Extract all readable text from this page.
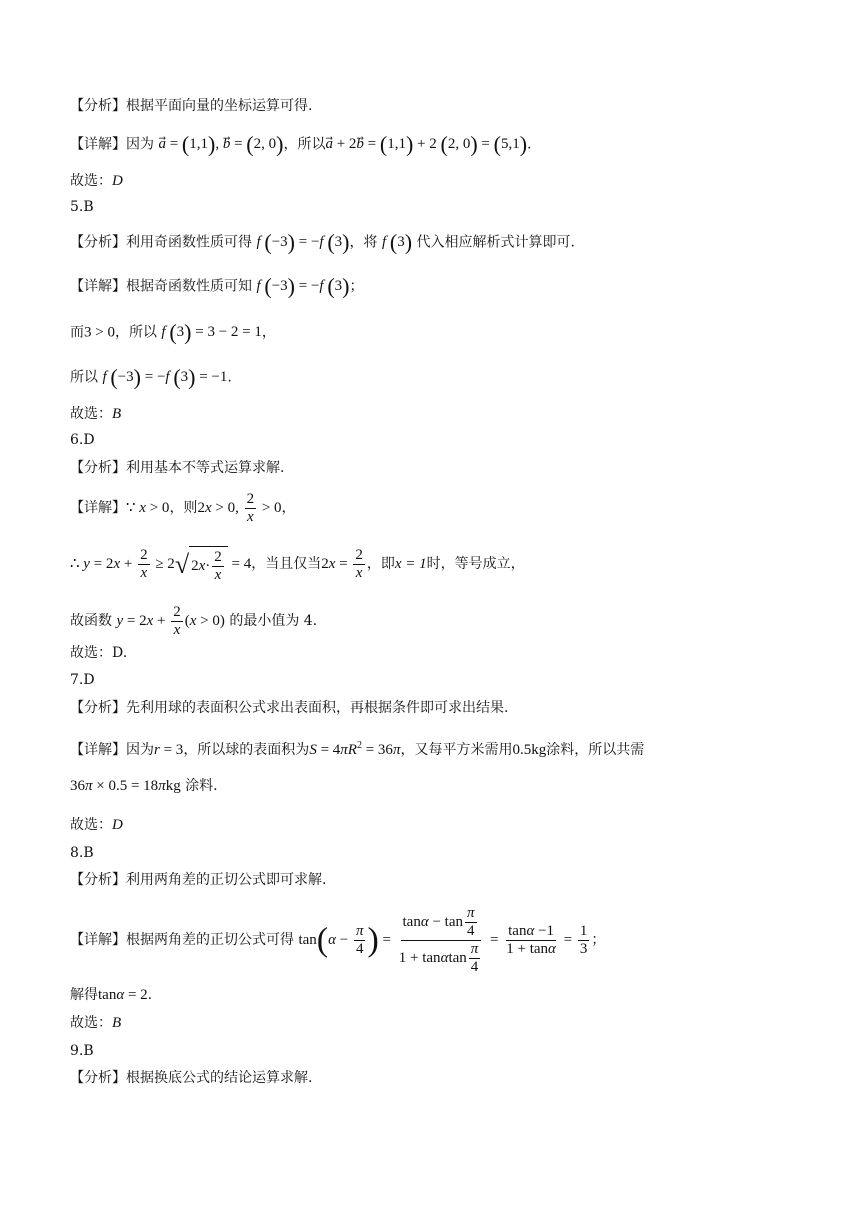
【分析】根据平面向量的坐标运算可得.
【详解】因为 a⃗ = (1,1), b⃗ = (2, 0)，所以a⃗ + 2b⃗ = (1,1) + 2 (2, 0) = (5,1).
故选：D
5.B
【分析】利用奇函数性质可得 f (−3) = −f (3)，将 f (3) 代入相应解析式计算即可.
【详解】根据奇函数性质可知 f (−3) = −f (3)；
而3 > 0，所以 f (3) = 3 − 2 = 1，
所以 f (−3) = −f (3) = −1.
故选：B
6.D
【分析】利用基本不等式运算求解.
【详解】∵ x > 0，则2x > 0, $\frac{2}{x} > 0$，
∴ $y = 2x + \frac{2}{x} \ge 2$ √ 2 $x \cdot \frac{2}{x} = 4$，当且仅当$2x = \frac{2}{x}$ ，即x = 1时，等号成立，
故函数 $y = 2x + \frac{2}{x} (x > 0)$ 的最小值为 4.
故选：D.
7.D
【分析】先利用球的表面积公式求出表面积，再根据条件即可求出结果.
【详解】因为r = 3，所以球的表面积为$S = 4\pi R^2 = 36\pi$，又每平方米需用0.5kg涂料，所以共需
36π × 0.5 = 18πkg 涂料.
故选：D
8.B
【分析】利用两角差的正切公式即可求解.
【详解】根据两角差的正切公式可得 $\tan(\alpha - \frac{\pi}{4}$ ) = $\frac{\tan\alpha - \tan \frac{\pi}{4}}{1 + \tan\alpha\tan \frac{\pi}{4}} = \frac{\tan\alpha -1}{1 + \tan\alpha} = \frac{1}{3}$ ；
解得tanα = 2.
故选：B
9.B
【分析】根据换底公式的结论运算求解.
